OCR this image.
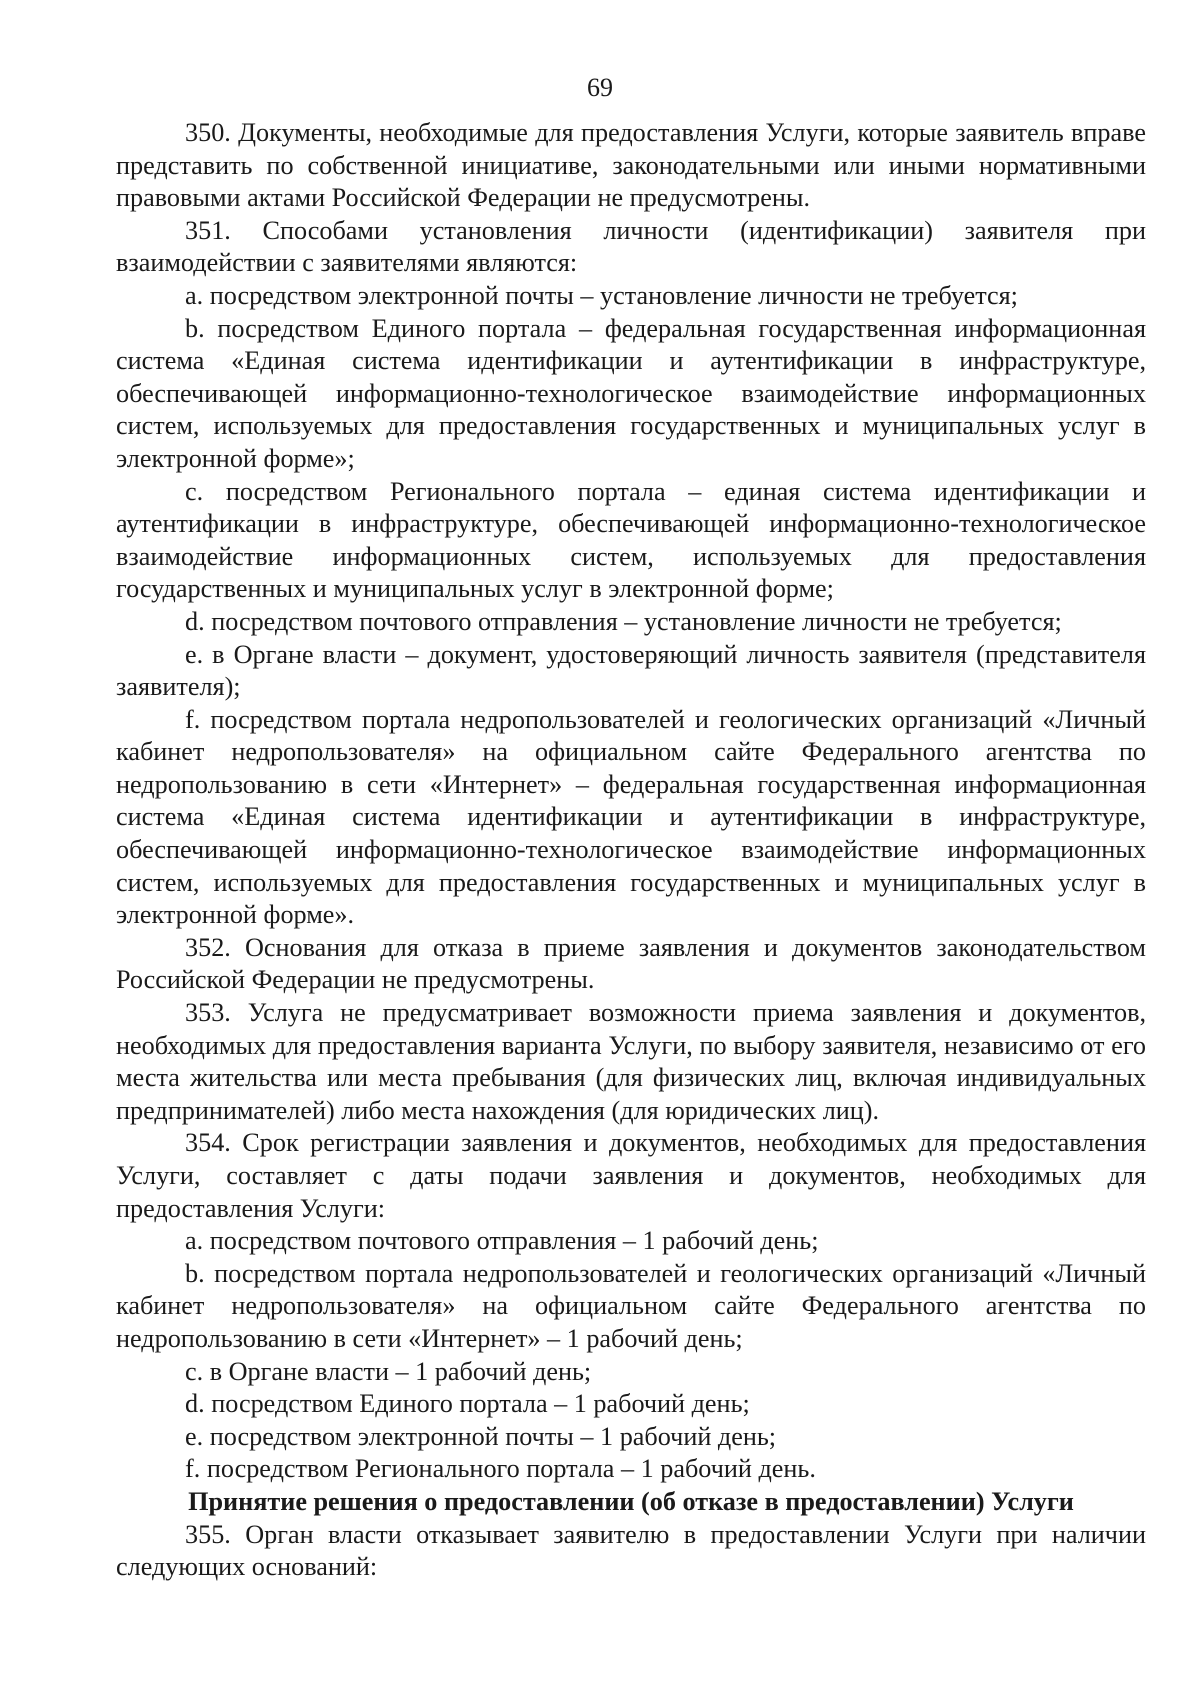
69

350. Документы, необходимые для предоставления Услуги, которые заявитель вправе представить по собственной инициативе, законодательными или иными нормативными правовыми актами Российской Федерации не предусмотрены.

351. Способами установления личности (идентификации) заявителя при взаимодействии с заявителями являются:

a. посредством электронной почты – установление личности не требуется;

b. посредством Единого портала – федеральная государственная информационная система «Единая система идентификации и аутентификации в инфраструктуре, обеспечивающей информационно-технологическое взаимодействие информационных систем, используемых для предоставления государственных и муниципальных услуг в электронной форме»;

c. посредством Регионального портала – единая система идентификации и аутентификации в инфраструктуре, обеспечивающей информационно-технологическое взаимодействие информационных систем, используемых для предоставления государственных и муниципальных услуг в электронной форме;

d. посредством почтового отправления – установление личности не требуется;

e. в Органе власти – документ, удостоверяющий личность заявителя (представителя заявителя);

f. посредством портала недропользователей и геологических организаций «Личный кабинет недропользователя» на официальном сайте Федерального агентства по недропользованию в сети «Интернет» – федеральная государственная информационная система «Единая система идентификации и аутентификации в инфраструктуре, обеспечивающей информационно-технологическое взаимодействие информационных систем, используемых для предоставления государственных и муниципальных услуг в электронной форме».

352. Основания для отказа в приеме заявления и документов законодательством Российской Федерации не предусмотрены.

353. Услуга не предусматривает возможности приема заявления и документов, необходимых для предоставления варианта Услуги, по выбору заявителя, независимо от его места жительства или места пребывания (для физических лиц, включая индивидуальных предпринимателей) либо места нахождения (для юридических лиц).

354. Срок регистрации заявления и документов, необходимых для предоставления Услуги, составляет с даты подачи заявления и документов, необходимых для предоставления Услуги:

a. посредством почтового отправления – 1 рабочий день;

b. посредством портала недропользователей и геологических организаций «Личный кабинет недропользователя» на официальном сайте Федерального агентства по недропользованию в сети «Интернет» – 1 рабочий день;

c. в Органе власти – 1 рабочий день;

d. посредством Единого портала – 1 рабочий день;

e. посредством электронной почты – 1 рабочий день;

f. посредством Регионального портала – 1 рабочий день.

Принятие решения о предоставлении (об отказе в предоставлении) Услуги

355. Орган власти отказывает заявителю в предоставлении Услуги при наличии следующих оснований:
